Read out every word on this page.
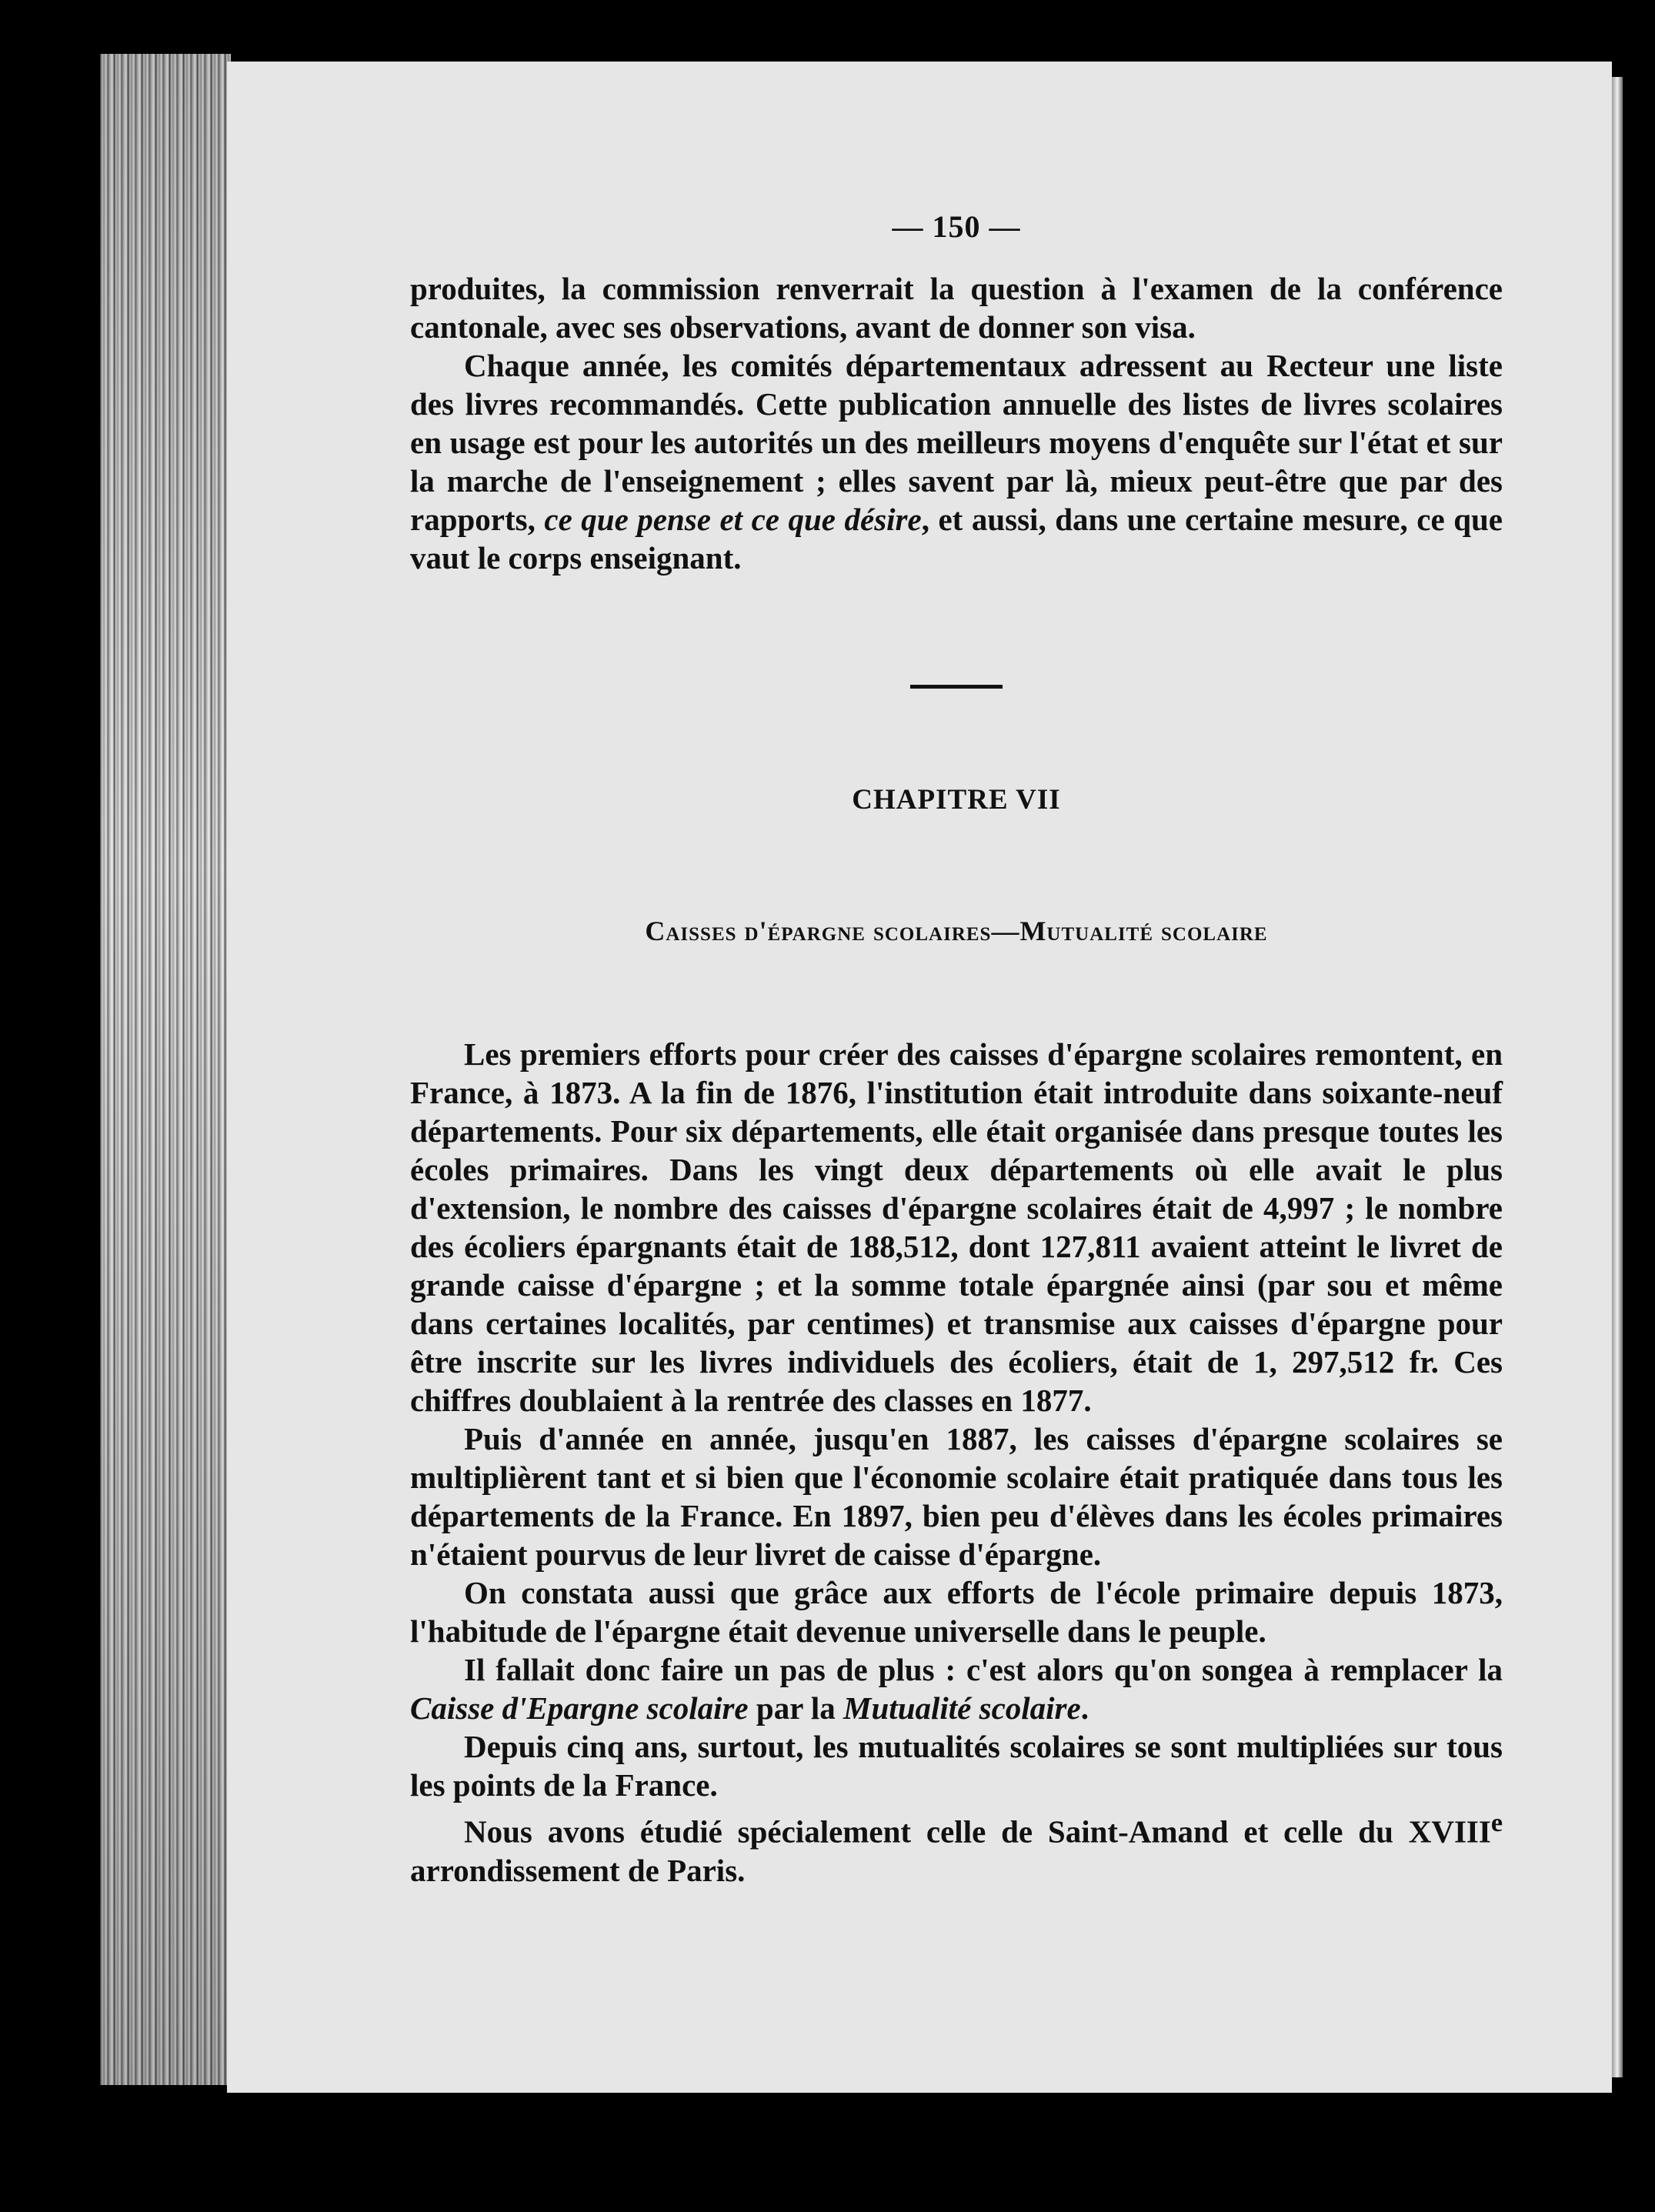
— 150 —

produites, la commission renverrait la question à l'examen de la conférence cantonale, avec ses observations, avant de donner son visa.

Chaque année, les comités départementaux adressent au Recteur une liste des livres recommandés. Cette publication annuelle des listes de livres scolaires en usage est pour les autorités un des meilleurs moyens d'enquête sur l'état et sur la marche de l'enseignement ; elles savent par là, mieux peut-être que par des rapports, ce que pense et ce que désire, et aussi, dans une certaine mesure, ce que vaut le corps enseignant.

CHAPITRE VII
Caisses d'épargne scolaires—Mutualité scolaire

Les premiers efforts pour créer des caisses d'épargne scolaires remontent, en France, à 1873. A la fin de 1876, l'institution était introduite dans soixante-neuf départements. Pour six départements, elle était organisée dans presque toutes les écoles primaires. Dans les vingt deux départements où elle avait le plus d'extension, le nombre des caisses d'épargne scolaires était de 4,997 ; le nombre des écoliers épargnants était de 188,512, dont 127,811 avaient atteint le livret de grande caisse d'épargne ; et la somme totale épargnée ainsi (par sou et même dans certaines localités, par centimes) et transmise aux caisses d'épargne pour être inscrite sur les livres individuels des écoliers, était de 1, 297,512 fr. Ces chiffres doublaient à la rentrée des classes en 1877.

Puis d'année en année, jusqu'en 1887, les caisses d'épargne scolaires se multiplièrent tant et si bien que l'économie scolaire était pratiquée dans tous les départements de la France. En 1897, bien peu d'élèves dans les écoles primaires n'étaient pourvus de leur livret de caisse d'épargne.

On constata aussi que grâce aux efforts de l'école primaire depuis 1873, l'habitude de l'épargne était devenue universelle dans le peuple.

Il fallait donc faire un pas de plus : c'est alors qu'on songea à remplacer la Caisse d'Epargne scolaire par la Mutualité scolaire.

Depuis cinq ans, surtout, les mutualités scolaires se sont multipliées sur tous les points de la France.

Nous avons étudié spécialement celle de Saint-Amand et celle du XVIIIe arrondissement de Paris.
